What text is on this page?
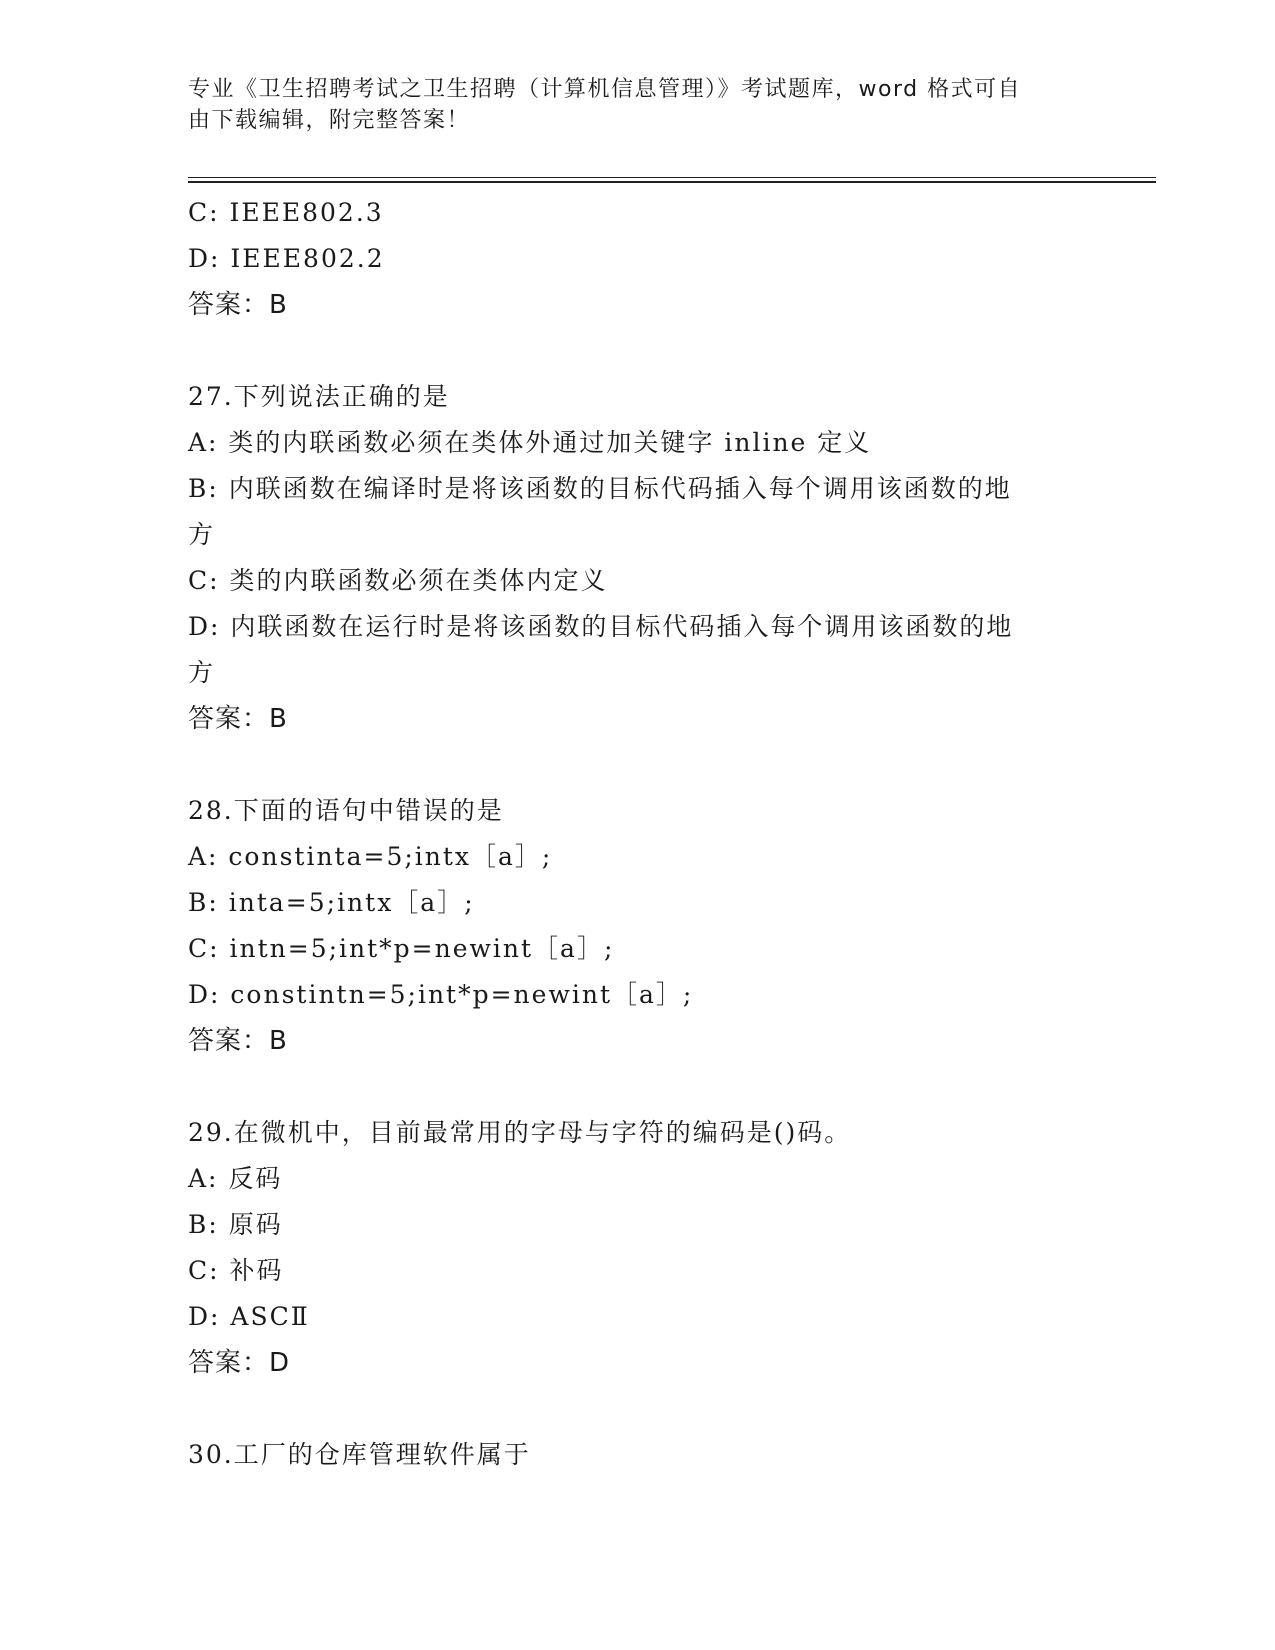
专业《卫生招聘考试之卫生招聘（计算机信息管理）》考试题库，word 格式可自
由下载编辑，附完整答案！
C: IEEE802.3
D: IEEE802.2
答案：B
27.下列说法正确的是
A: 类的内联函数必须在类体外通过加关键字 inline 定义
B: 内联函数在编译时是将该函数的目标代码插入每个调用该函数的地
方
C: 类的内联函数必须在类体内定义
D: 内联函数在运行时是将该函数的目标代码插入每个调用该函数的地
方
答案：B
28.下面的语句中错误的是
A: constinta=5;intx［a］;
B: inta=5;intx［a］;
C: intn=5;int*p=newint［a］;
D: constintn=5;int*p=newint［a］;
答案：B
29.在微机中，目前最常用的字母与字符的编码是()码。
A: 反码
B: 原码
C: 补码
D: ASCⅡ
答案：D
30.工厂的仓库管理软件属于
